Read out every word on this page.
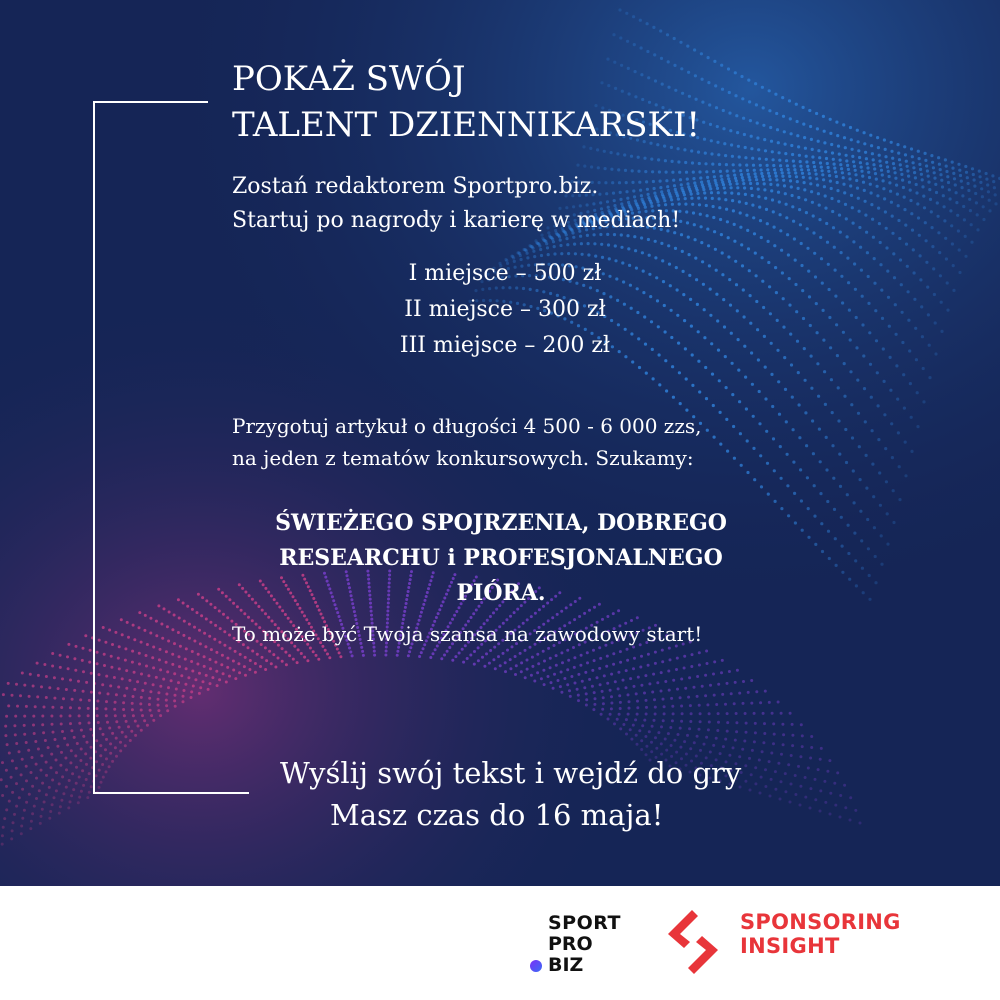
POKAŻ SWÓJ
TALENT DZIENNIKARSKI!
Zostań redaktorem Sportpro.biz.
Startuj po nagrody i karierę w mediach!
I miejsce – 500 zł
II miejsce – 300 zł
III miejsce – 200 zł
Przygotuj artykuł o długości 4 500 - 6 000 zzs,
na jeden z tematów konkursowych. Szukamy:
ŚWIEŻEGO SPOJRZENIA, DOBREGO
RESEARCHU i PROFESJONALNEGO
PIÓRA.
To może być Twoja szansa na zawodowy start!
Wyślij swój tekst i wejdź do gry
Masz czas do 16 maja!
SPORT
PRO
BIZ
SPONSORING
INSIGHT
